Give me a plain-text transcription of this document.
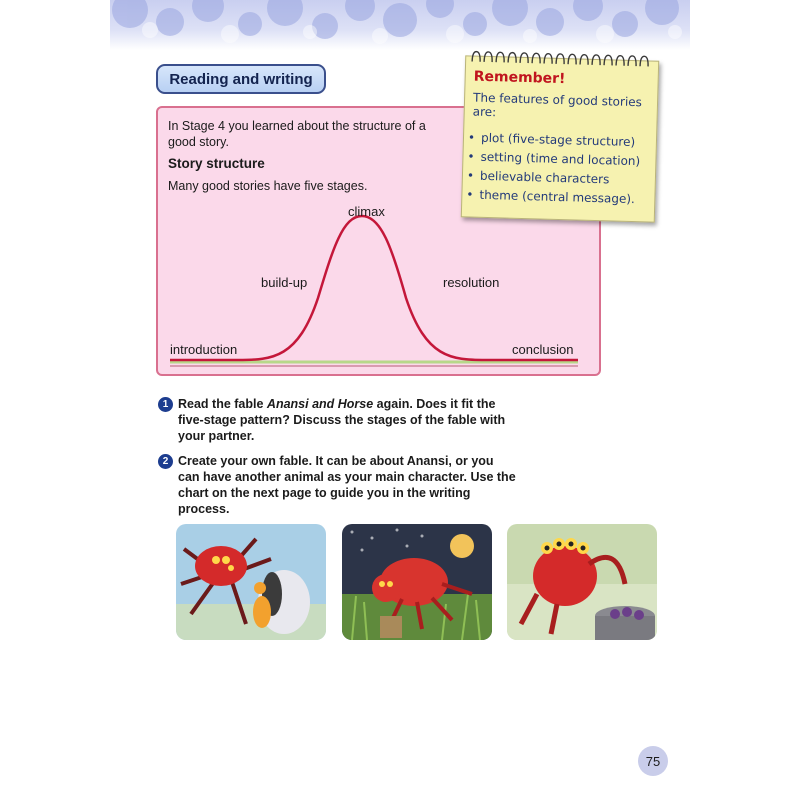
Reading and writing
In Stage 4 you learned about the structure of a good story.
Story structure
Many good stories have five stages.
climax
build-up	resolution
introduction	conclusion
Remember!
The features of good stories are:
• plot (five-stage structure)
• setting (time and location)
• believable characters
• theme (central message).
1 Read the fable Anansi and Horse again. Does it fit the five-stage pattern? Discuss the stages of the fable with your partner.
2 Create your own fable. It can be about Anansi, or you can have another animal as your main character. Use the chart on the next page to guide you in the writing process.
75
